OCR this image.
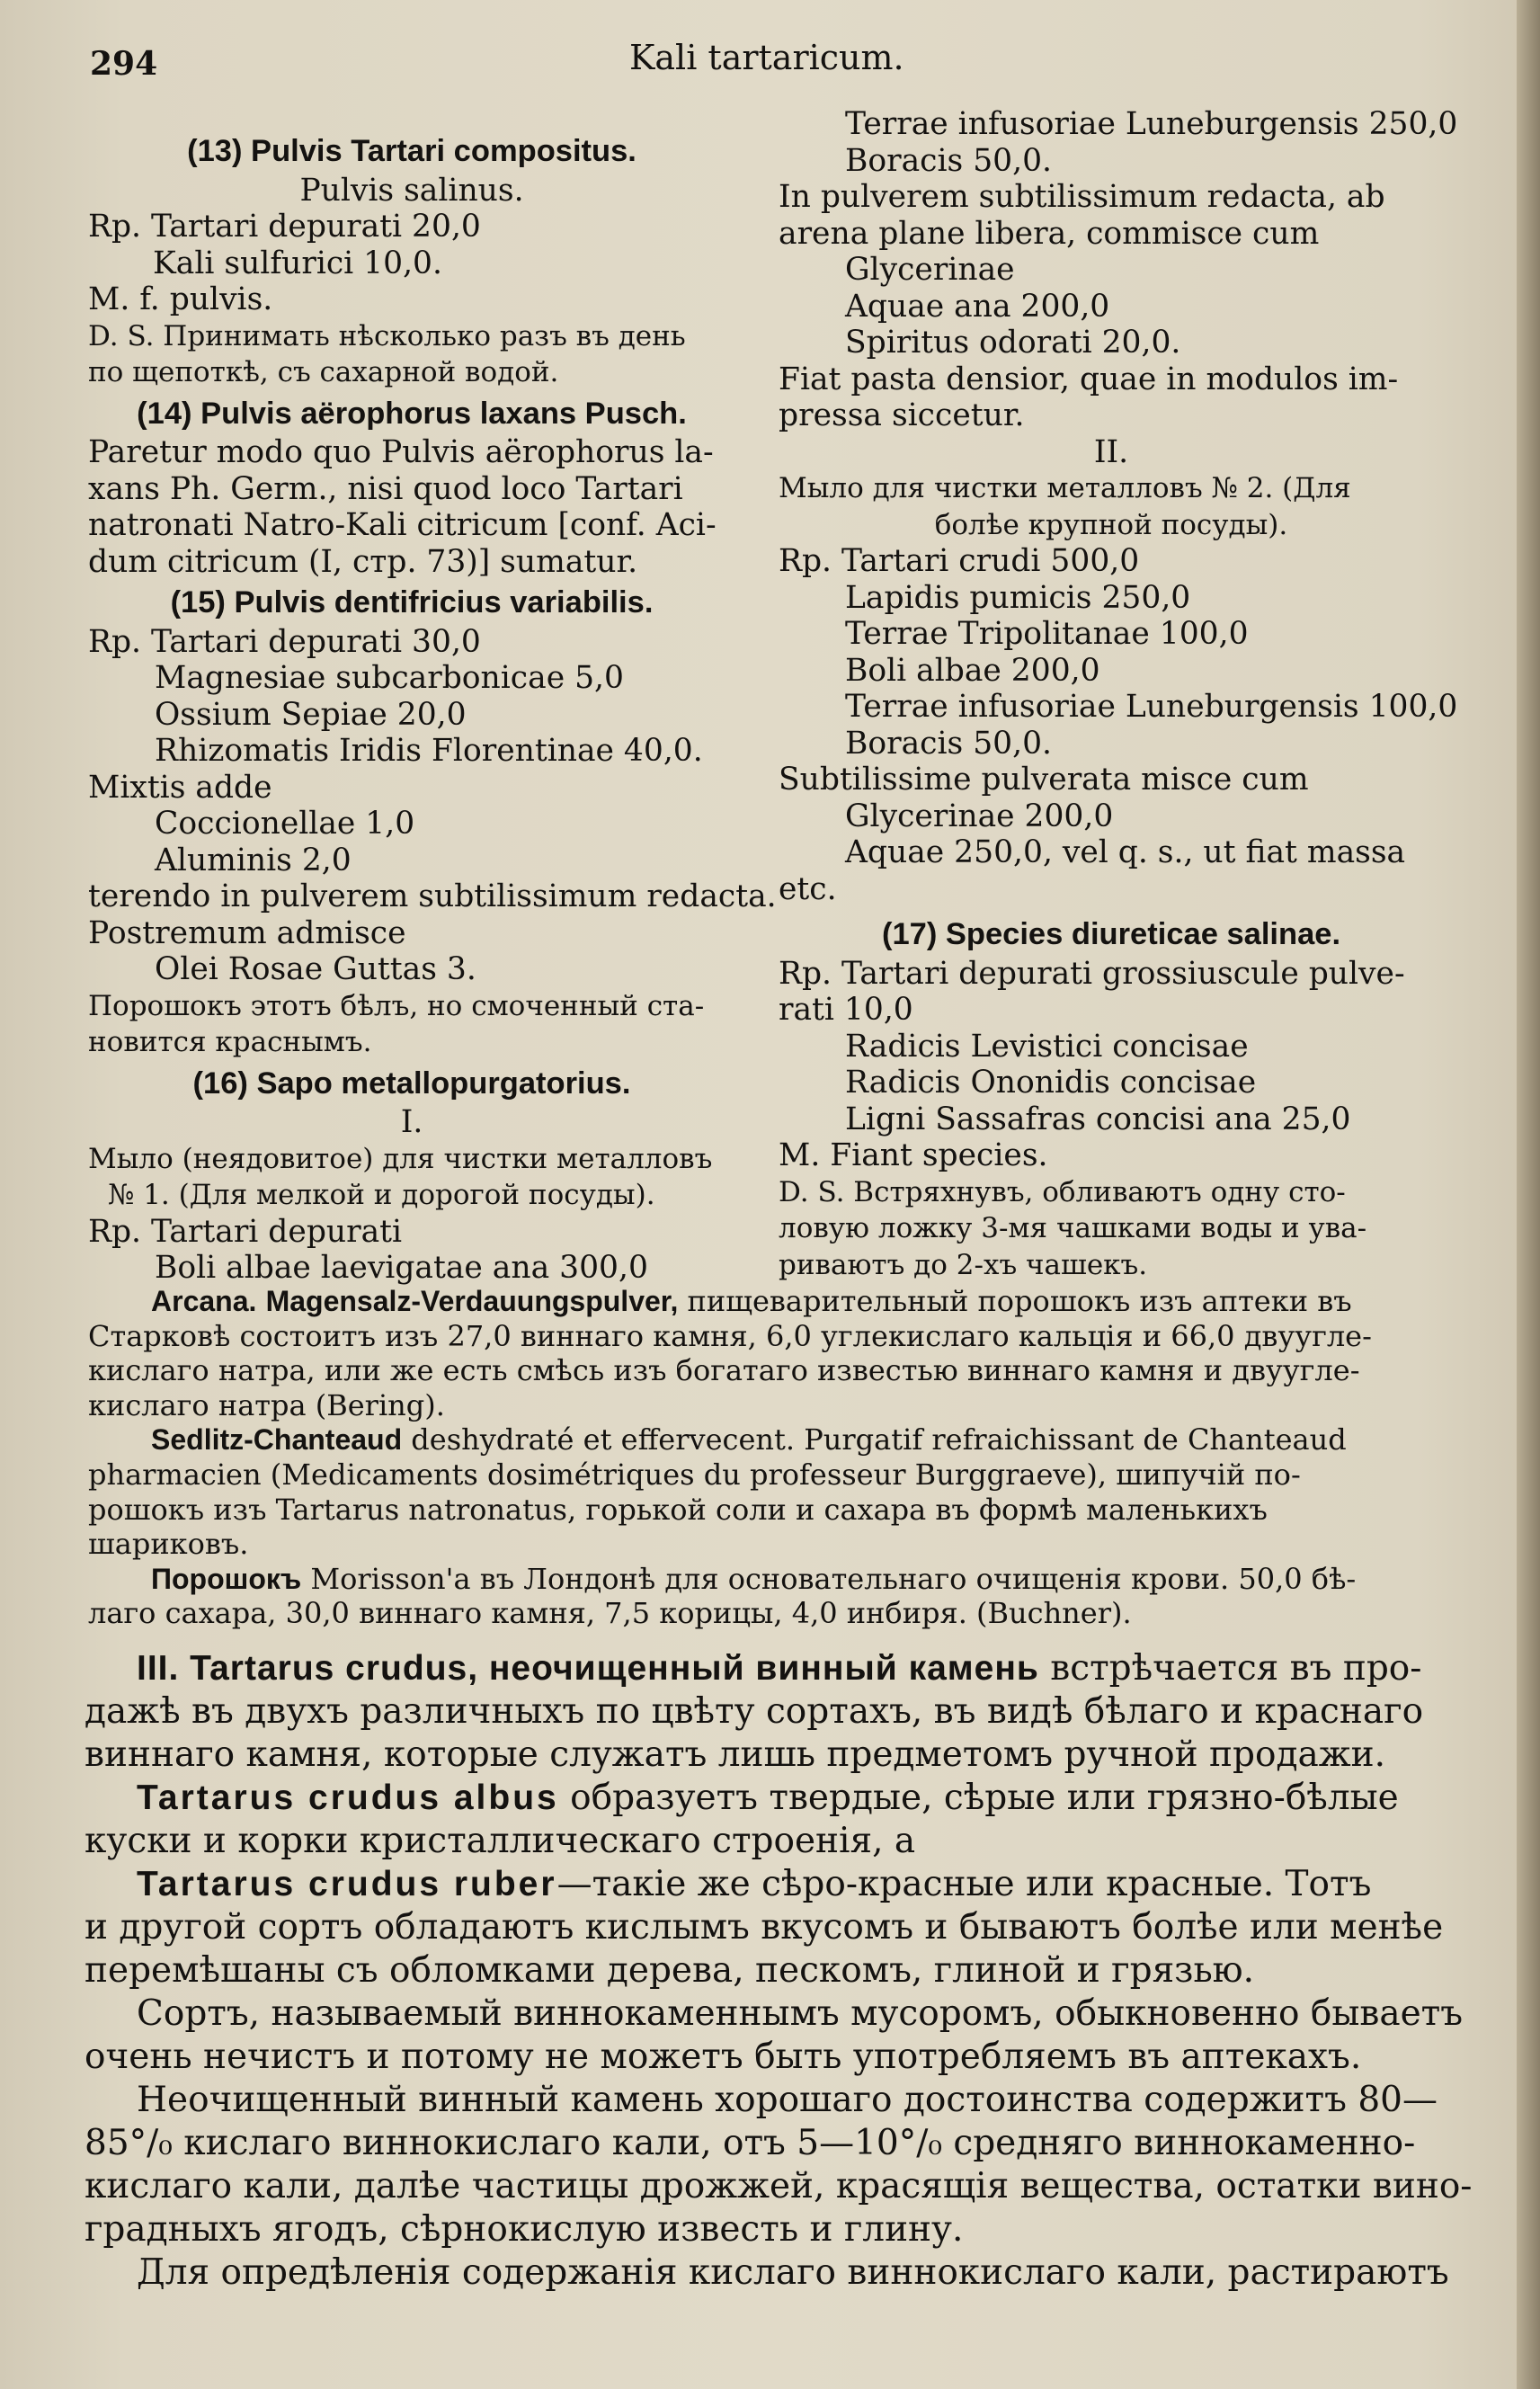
294	Kali tartaricum.
(13) Pulvis Tartari compositus.
Pulvis salinus.
Rp. Tartari depurati 20,0
Kali sulfurici 10,0.
M. f. pulvis.
D. S. Принимать нѣсколько разъ въ день
по щепоткѣ, съ сахарной водой.
(14) Pulvis aërophorus laxans Pusch.
Paretur modo quo Pulvis aërophorus la-
xans Ph. Germ., nisi quod loco Tartari
natronati Natro-Kali citricum [conf. Aci-
dum citricum (I, стр. 73)] sumatur.
(15) Pulvis dentifricius variabilis.
Rp. Tartari depurati 30,0
Magnesiae subcarbonicae 5,0
Ossium Sepiae 20,0
Rhizomatis Iridis Florentinae 40,0.
Mixtis adde
Coccionellae 1,0
Aluminis 2,0
terendo in pulverem subtilissimum redacta.
Postremum admisce
Olei Rosae Guttas 3.
Порошокъ этотъ бѣлъ, но смоченный ста-
новится краснымъ.
(16) Sapo metallopurgatorius.
I.
Мыло (неядовитое) для чистки металловъ
№ 1. (Для мелкой и дорогой посуды).
Rp. Tartari depurati
Boli albae laevigatae ana 300,0
Terrae infusoriae Luneburgensis 250,0
Boracis 50,0.
In pulverem subtilissimum redacta, ab
arena plane libera, commisce cum
Glycerinae
Aquae ana 200,0
Spiritus odorati 20,0.
Fiat pasta densior, quae in modulos im-
pressa siccetur.
II.
Мыло для чистки металловъ № 2. (Для
болѣе крупной посуды).
Rp. Tartari crudi 500,0
Lapidis pumicis 250,0
Terrae Tripolitanae 100,0
Boli albae 200,0
Terrae infusoriae Luneburgensis 100,0
Boracis 50,0.
Subtilissime pulverata misce cum
Glycerinae 200,0
Aquae 250,0, vel q. s., ut fiat massa
etc.
(17) Species diureticae salinae.
Rp. Tartari depurati grossiuscule pulve-
rati 10,0
Radicis Levistici concisae
Radicis Ononidis concisae
Ligni Sassafras concisi ana 25,0
M. Fiant species.
D. S. Встряхнувъ, обливаютъ одну сто-
ловую ложку 3-мя чашками воды и ува-
риваютъ до 2-хъ чашекъ.
Arcana. Magensalz-Verdauungspulver, пищеварительный порошокъ изъ аптеки въ
Старковѣ состоитъ изъ 27,0 виннаго камня, 6,0 углекислаго кальція и 66,0 двууглe-
кислаго натра, или же есть смѣсь изъ богатаго известью виннаго камня и двууглe-
кислаго натра (Bering).
Sedlitz-Chanteaud deshydraté et effervecent. Purgatif refraichissant de Chanteaud
pharmacien (Medicaments dosimétriques du professeur Burggraeve), шипучій по-
рошокъ изъ Tartarus natronatus, горькой соли и сахара въ формѣ маленькихъ
шариковъ.
Порошокъ Morisson'а въ Лондонѣ для основательнаго очищенія крови. 50,0 бѣ-
лаго сахара, 30,0 виннаго камня, 7,5 корицы, 4,0 инбиря. (Buchner).
III. Tartarus crudus, неочищенный винный камень встрѣчается въ про-
дажѣ въ двухъ различныхъ по цвѣту сортахъ, въ видѣ бѣлаго и краснаго
виннаго камня, которые служатъ лишь предметомъ ручной продажи.
Tartarus crudus albus образуетъ твердые, сѣрые или грязно-бѣлые
куски и корки кристаллическаго строенія, а
Tartarus crudus ruber—такіе же сѣро-красные или красные. Тотъ
и другой сортъ обладаютъ кислымъ вкусомъ и бываютъ болѣе или менѣе
перемѣшаны съ обломками дерева, пескомъ, глиной и грязью.
Сортъ, называемый виннокаменнымъ мусоромъ, обыкновенно бываетъ
очень нечистъ и потому не можетъ быть употребляемъ въ аптекахъ.
Неочищенный винный камень хорошаго достоинства содержитъ 80—
85°/₀ кислаго виннокислаго кали, отъ 5—10°/₀ средняго виннокаменно-
кислаго кали, далѣе частицы дрожжей, красящія вещества, остатки вино-
градныхъ ягодъ, сѣрнокислую известь и глину.
Для опредѣленія содержанія кислаго виннокислаго кали, растираютъ
